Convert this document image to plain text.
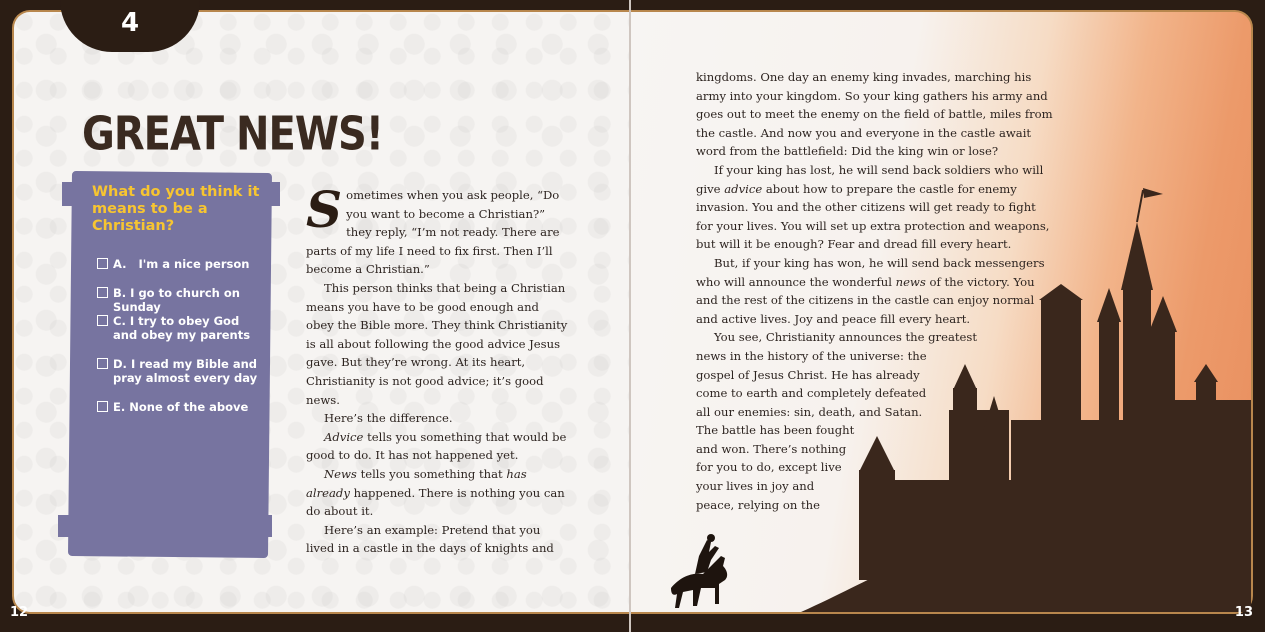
4
GREAT NEWS!
What do you think it means to be a Christian?
A. I'm a nice person
B. I go to church on Sunday
C. I try to obey God and obey my parents
D. I read my Bible and pray almost every day
E. None of the above

Sometimes when you ask people, “Do you want to become a Christian?” they reply, “I’m not ready. There are parts of my life I need to fix first. Then I’ll become a Christian.”

This person thinks that being a Christian means you have to be good enough and obey the Bible more. They think Christianity is all about following the good advice Jesus gave. But they’re wrong. At its heart, Christianity is not good advice; it’s good news.

Here’s the difference.

Advice tells you something that would be good to do. It has not happened yet.

News tells you something that has already happened. There is nothing you can do about it.

Here’s an example: Pretend that you lived in a castle in the days of knights and

12

kingdoms. One day an enemy king invades, marching his army into your kingdom. So your king gathers his army and goes out to meet the enemy on the field of battle, miles from the castle. And now you and everyone in the castle await word from the battlefield: Did the king win or lose?

If your king has lost, he will send back soldiers who will give advice about how to prepare the castle for enemy invasion. You and the other citizens will get ready to fight for your lives. You will set up extra protection and weapons, but will it be enough? Fear and dread fill every heart.

But, if your king has won, he will send back messengers who will announce the wonderful news of the victory. You and the rest of the citizens in the castle can enjoy normal and active lives. Joy and peace fill every heart.

You see, Christianity announces the greatest
news in the history of the universe: the
gospel of Jesus Christ. He has already
come to earth and completely defeated
all our enemies: sin, death, and Satan.
The battle has been fought
and won. There’s nothing
for you to do, except live
your lives in joy and
peace, relying on the
13
